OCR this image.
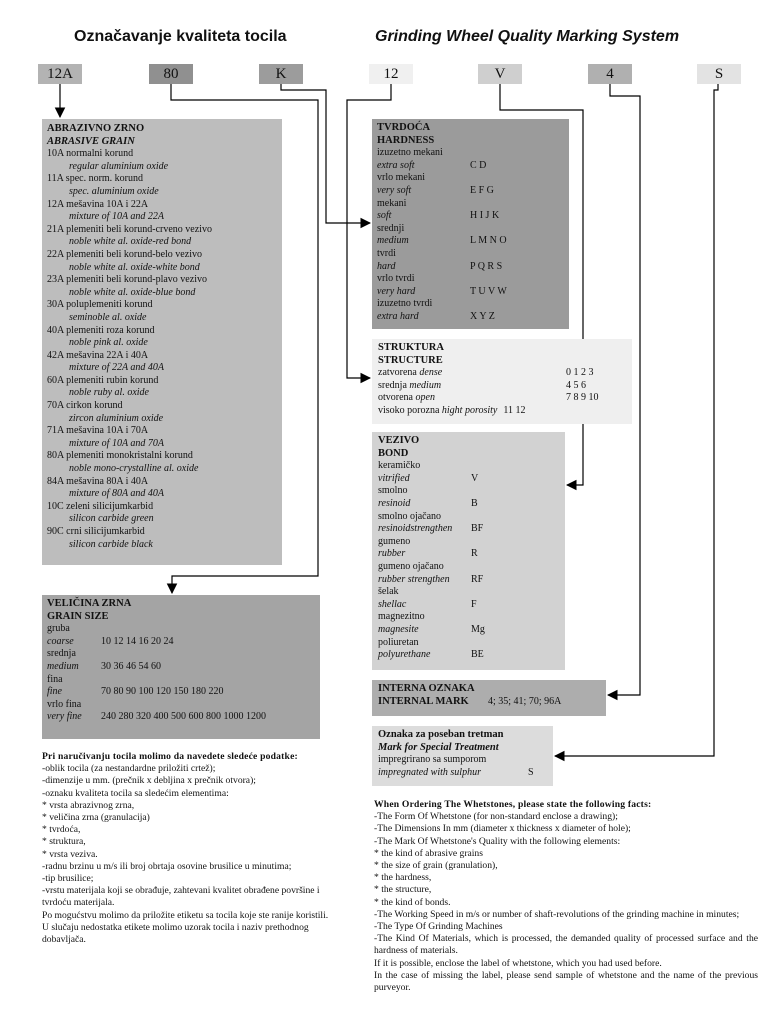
Označavanje kvaliteta tocila	Grinding Wheel Quality Marking System
12A	80	K	12	V	4	S
ABRAZIVNO ZRNO
ABRASIVE GRAIN
10A normalni korund
regular aluminium oxide
11A spec. norm. korund
spec. aluminium oxide
12A mešavina 10A i 22A
mixture of 10A and 22A
21A plemeniti beli korund-crveno vezivo
noble white al. oxide-red bond
22A plemeniti beli korund-belo vezivo
noble white al. oxide-white bond
23A plemeniti beli korund-plavo vezivo
noble white al. oxide-blue bond
30A poluplemeniti korund
seminoble al. oxide
40A plemeniti roza korund
noble pink al. oxide
42A mešavina 22A i 40A
mixture of 22A and 40A
60A plemeniti rubin korund
noble ruby al. oxide
70A cirkon korund
zircon aluminium oxide
71A mešavina 10A i 70A
mixture of 10A and 70A
80A plemeniti monokristalni korund
noble mono-crystalline al. oxide
84A mešavina 80A i 40A
mixture of 80A and 40A
10C zeleni silicijumkarbid
silicon carbide green
90C crni silicijumkarbid
silicon carbide black
TVRDOĆA
HARDNESS
izuzetno mekani
extra soft	C D
vrlo mekani
very soft	E F G
mekani
soft	H I J K
srednji
medium	L M N O
tvrdi
hard	P Q R S
vrlo tvrdi
very hard	T U V W
izuzetno tvrdi
extra hard	X Y Z
STRUKTURA
STRUCTURE
zatvorena dense	0 1 2 3
srednja medium	4 5 6
otvorena open	7 8 9 10
visoko porozna hight porosity 11 12
VEZIVO
BOND
keramičko
vitrified	V
smolno
resinoid	B
smolno ojačano
resinoidstrengthen	BF
gumeno
rubber	R
gumeno ojačano
rubber strengthen	RF
šelak
shellac	F
magnezitno
magnesite	Mg
poliuretan
polyurethane	BE
INTERNA OZNAKA
INTERNAL MARK	4; 35; 41; 70; 96A
Oznaka za poseban tretman
Mark for Special Treatment
impregrirano sa sumporom
impregnated with sulphur	S
VELIČINA ZRNA
GRAIN SIZE
gruba
coarse	10 12 14 16 20 24
srednja
medium	30 36 46 54 60
fina
fine	70 80 90 100 120 150 180 220
vrlo fina
very fine	240 280 320 400 500 600 800 1000 1200
Pri naručivanju tocila molimo da navedete sledeće podatke:
-oblik tocila (za nestandardne priložiti crtež);
-dimenzije u mm. (prečnik x debljina x prečnik otvora);
-oznaku kvaliteta tocila sa sledećim elementima:
* vrsta abrazivnog zrna,
* veličina zrna (granulacija)
* tvrdoća,
* struktura,
* vrsta veziva.
-radnu brzinu u m/s ili broj obrtaja osovine brusilice u minutima;
-tip brusilice;
-vrstu materijala koji se obrađuje, zahtevani kvalitet obrađene površine i tvrdoću materijala.
Po mogućstvu molimo da priložite etiketu sa tocila koje ste ranije koristili.
U slučaju nedostatka etikete molimo uzorak tocila i naziv prethodnog dobavljača.
When Ordering The Whetstones, please state the following facts:
-The Form Of Whetstone (for non-standard enclose a drawing);
-The Dimensions In mm (diameter x thickness x diameter of hole);
-The Mark Of Whetstone's Quality with the following elements:
* the kind of abrasive grains
* the size of grain (granulation),
* the hardness,
* the structure,
* the kind of bonds.
-The Working Speed in m/s or number of shaft-revolutions of the grinding machine in minutes;
-The Type Of Grinding Machines
-The Kind Of Materials, which is processed, the demanded quality of processed surface and the hardness of materials.
If it is possible, enclose the label of whetstone, which you had used before.
In the case of missing the label, please send sample of whetstone and the name of the previous purveyor.
